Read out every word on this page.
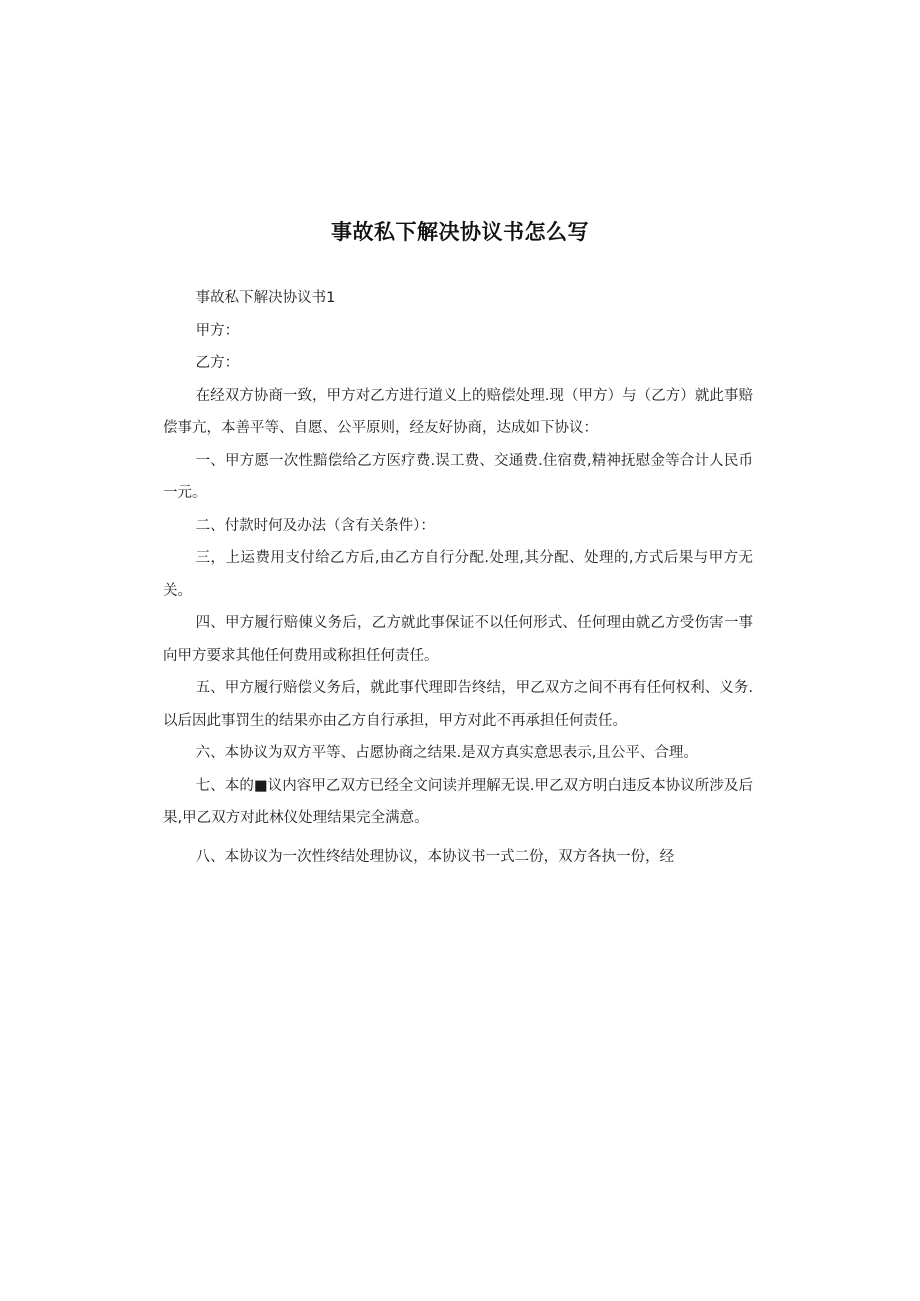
事故私下解决协议书怎么写

事故私下解决协议书1

甲方：

乙方：

在经双方协商一致，甲方对乙方进行道义上的赔偿处理.现（甲方）与（乙方）就此事赔偿事亢，本善平等、自愿、公平原则，经友好协商，达成如下协议：

一、甲方愿一次性黯偿给乙方医疗费.误工费、交通费.住宿费,精神抚慰金等合计人民币一元。

二、付款时何及办法（含有关条件）：

三，上运费用支付给乙方后,由乙方自行分配.处理,其分配、处理的,方式后果与甲方无关。

四、甲方履行赔倲义务后，乙方就此事保证不以任何形式、任何理由就乙方受伤害一事向甲方要求其他任何费用或称担任何责任。

五、甲方履行赔偿义务后，就此事代理即告终结，甲乙双方之间不再有任何权利、义务.以后因此事罚生的结果亦由乙方自行承担，甲方对此不再承担任何责任。

六、本协议为双方平等、占愿协商之结果.是双方真实意思表示,且公平、合理。

七、本的■议内容甲乙双方已经全文问读并理解无误.甲乙双方明白违反本协议所涉及后果,甲乙双方对此林仪处理结果完全满意。

八、本协议为一次性终结处理协议，本协议书一式二份，双方各执一份，经
